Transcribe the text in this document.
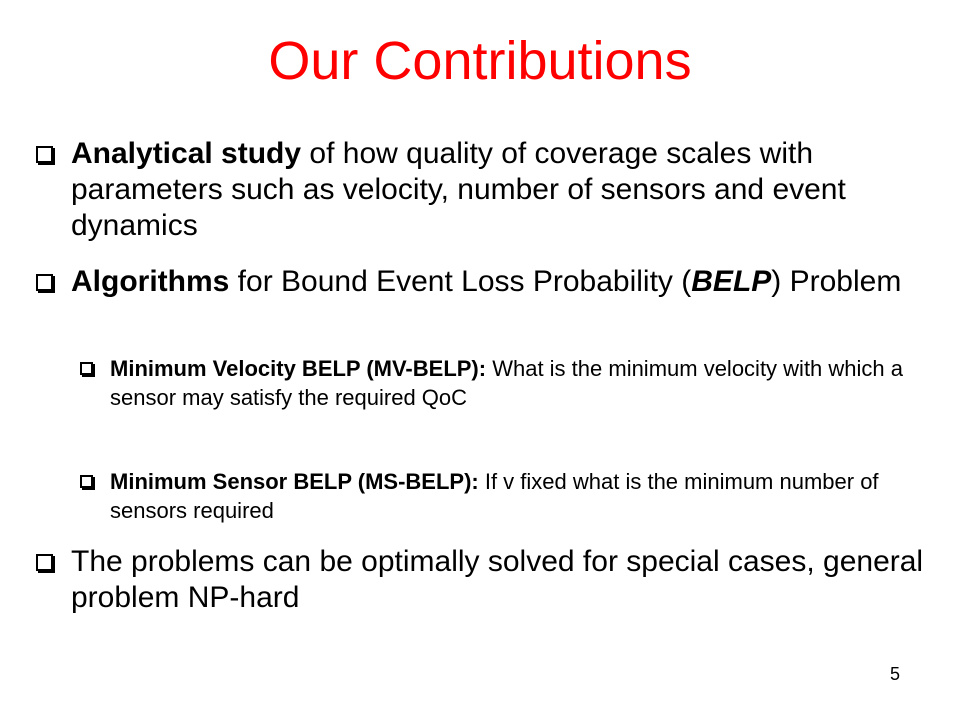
Our Contributions
Analytical study of how quality of coverage scales with parameters such as velocity, number of sensors and event dynamics
Algorithms for Bound Event Loss Probability (BELP) Problem
Minimum Velocity BELP (MV-BELP): What is the minimum velocity with which a sensor may satisfy the required QoC
Minimum Sensor BELP (MS-BELP): If v fixed what is the minimum number of sensors required
The problems can be optimally solved for special cases, general problem NP-hard
5
